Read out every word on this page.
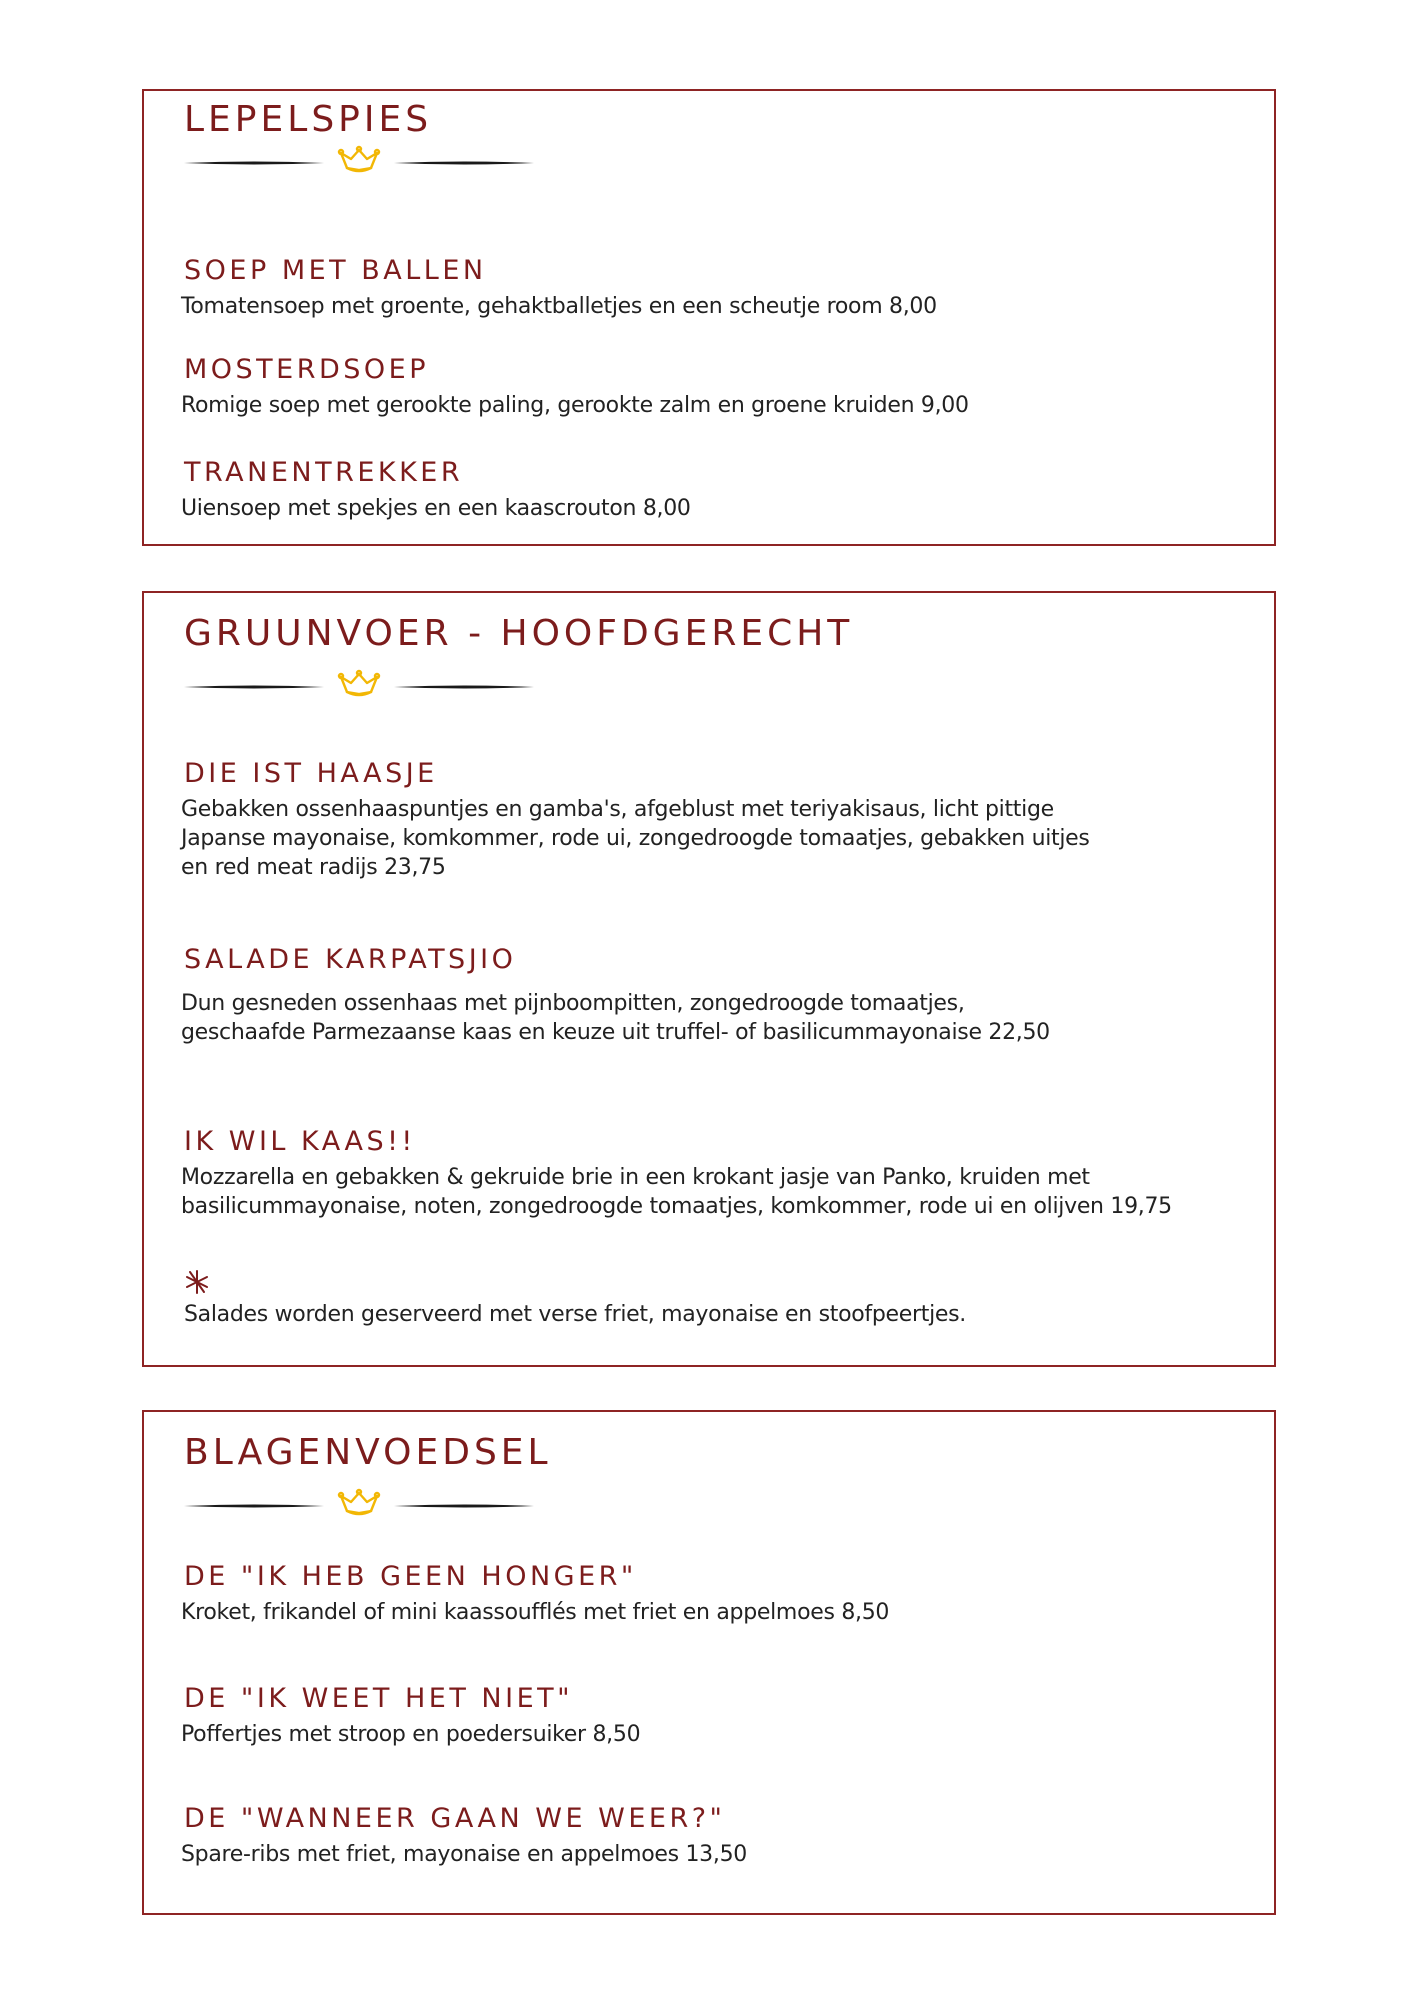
LEPELSPIES
SOEP MET BALLEN

Tomatensoep met groente, gehaktballetjes en een scheutje room 8,00

MOSTERDSOEP

Romige soep met gerookte paling, gerookte zalm en groene kruiden 9,00

TRANENTREKKER

Uiensoep met spekjes en een kaascrouton 8,00

GRUUNVOER - HOOFDGERECHT
DIE IST HAASJE

Gebakken ossenhaaspuntjes en gamba's, afgeblust met teriyakisaus, licht pittige
Japanse mayonaise, komkommer, rode ui, zongedroogde tomaatjes, gebakken uitjes
en red meat radijs 23,75

SALADE KARPATSJIO

Dun gesneden ossenhaas met pijnboompitten, zongedroogde tomaatjes,
geschaafde Parmezaanse kaas en keuze uit truffel- of basilicummayonaise 22,50

IK WIL KAAS!!

Mozzarella en gebakken & gekruide brie in een krokant jasje van Panko, kruiden met
basilicummayonaise, noten, zongedroogde tomaatjes, komkommer, rode ui en olijven 19,75

Salades worden geserveerd met verse friet, mayonaise en stoofpeertjes.

BLAGENVOEDSEL
DE "IK HEB GEEN HONGER"

Kroket, frikandel of mini kaassoufflés met friet en appelmoes 8,50

DE "IK WEET HET NIET"

Poffertjes met stroop en poedersuiker 8,50

DE "WANNEER GAAN WE WEER?"

Spare-ribs met friet, mayonaise en appelmoes 13,50
